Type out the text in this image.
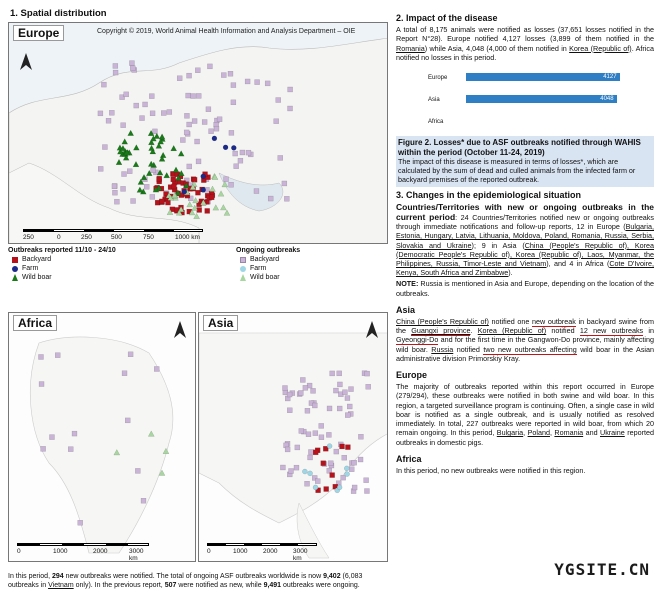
1. Spatial distribution
Europe	Copyright © 2019, World Animal Health Information and Analysis Department – OIE
250	0	250	500	750	1000 km
Outbreaks reported 11/10 - 24/10
Backyard
Farm
Wild boar
Ongoing outbreaks
Backyard
Farm
Wild boar
Africa
0	1000	2000	3000 km
Asia
0	1000 2000 3000 km
In this period, 294 new outbreaks were notified. The total of ongoing ASF outbreaks worldwide is now 9,402 (6,083 outbreaks in Vietnam only). In the previous report, 507 were notified as new, while 9,491 outbreaks were ongoing.
2. Impact of the disease

A total of 8,175 animals were notified as losses (37,651 losses notified in the Report N°28). Europe notified 4,127 losses (3,899 of them notified in the Romania) while Asia, 4,048 (4,000 of them notified in Korea (Republic of). Africa notified no losses in this period.

Europe	4127
Asia	4048
Africa
Figure 2. Losses* due to ASF outbreaks notified through WAHIS within the period (October 11-24, 2019)
The impact of this disease is measured in terms of losses*, which are calculated by the sum of dead and culled animals from the infected farm or backyard premises of the reported outbreak.
3. Changes in the epidemiological situation

Countries/Territories with new or ongoing outbreaks in the current period: 24 Countries/Territories notified new or ongoing outbreaks through immediate notifications and follow-up reports, 12 in Europe (Bulgaria, Estonia, Hungary, Latvia, Lithuania, Moldova, Poland, Romania, Russia, Serbia, Slovakia and Ukraine); 9 in Asia (China (People's Republic of), Korea (Democratic People's Republic of), Korea (Republic of), Laos, Myanmar, the Philippines, Russia, Timor-Leste and Vietnam), and 4 in Africa (Cote D'Ivoire, Kenya, South Africa and Zimbabwe).

NOTE: Russia is mentioned in Asia and Europe, depending on the location of the outbreaks.

Asia

China (People's Republic of) notified one new outbreak in backyard swine from the Guangxi province. Korea (Republic of) notified 12 new outbreaks in Gyeonggi-Do and for the first time in the Gangwon-Do province, mainly affecting wild boar. Russia notified two new outbreaks affecting wild boar in the Asian administrative division Primorskiy Kray.

Europe

The majority of outbreaks reported within this report occurred in Europe (279/294), these outbreaks were notified in both swine and wild boar. In this region, a targeted surveillance program is continuing. Often, a single case in wild boar is notified as a single outbreak, and is usually notified as resolved immediately. In total, 227 outbreaks were reported in wild boar, from which 20 remain ongoing. In this period, Bulgaria, Poland, Romania and Ukraine reported outbreaks in domestic pigs.

Africa

In this period, no new outbreaks were notified in this region.

YGSITE.CN
